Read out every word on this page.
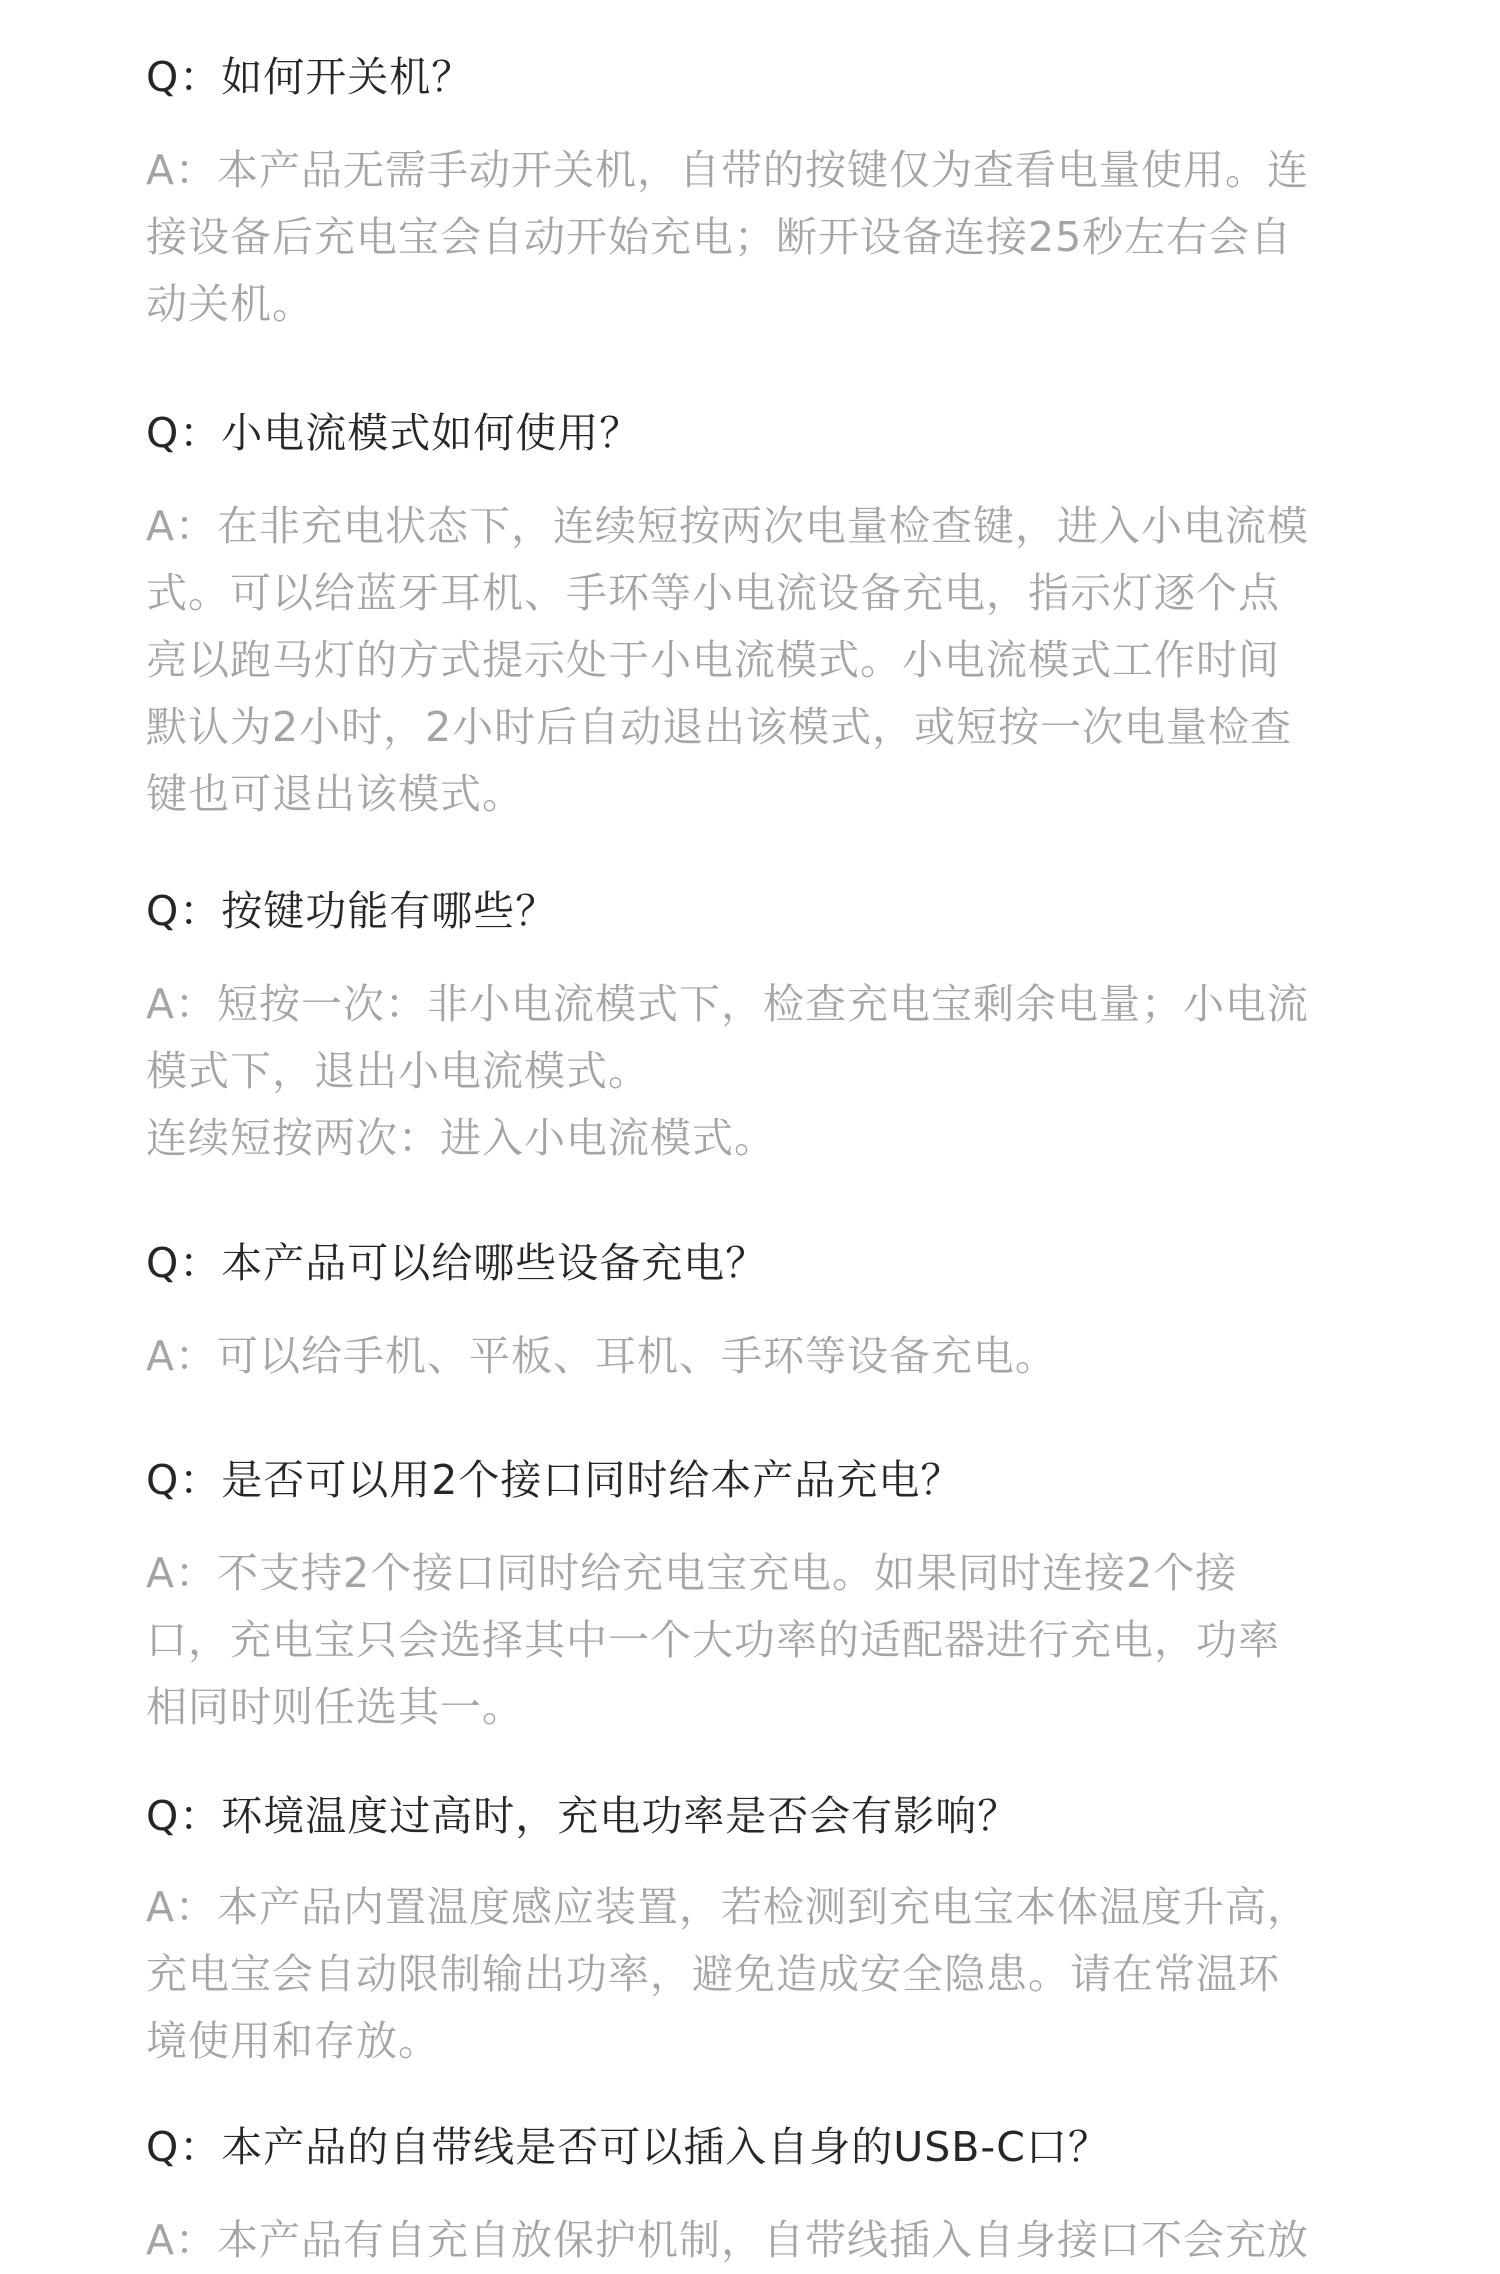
Q：如何开关机？

A：本产品无需手动开关机，自带的按键仅为查看电量使用。连
接设备后充电宝会自动开始充电；断开设备连接25秒左右会自
动关机。

Q：小电流模式如何使用？

A：在非充电状态下，连续短按两次电量检查键，进入小电流模
式。可以给蓝牙耳机、手环等小电流设备充电，指示灯逐个点
亮以跑马灯的方式提示处于小电流模式。小电流模式工作时间
默认为2小时，2小时后自动退出该模式，或短按一次电量检查
键也可退出该模式。

Q：按键功能有哪些？

A：短按一次：非小电流模式下，检查充电宝剩余电量；小电流
模式下，退出小电流模式。
连续短按两次：进入小电流模式。

Q：本产品可以给哪些设备充电？

A：可以给手机、平板、耳机、手环等设备充电。

Q：是否可以用2个接口同时给本产品充电？

A：不支持2个接口同时给充电宝充电。如果同时连接2个接
口，充电宝只会选择其中一个大功率的适配器进行充电，功率
相同时则任选其一。

Q：环境温度过高时，充电功率是否会有影响？

A：本产品内置温度感应装置，若检测到充电宝本体温度升高，
充电宝会自动限制输出功率，避免造成安全隐患。请在常温环
境使用和存放。

Q：本产品的自带线是否可以插入自身的USB-C口？

A：本产品有自充自放保护机制，自带线插入自身接口不会充放
